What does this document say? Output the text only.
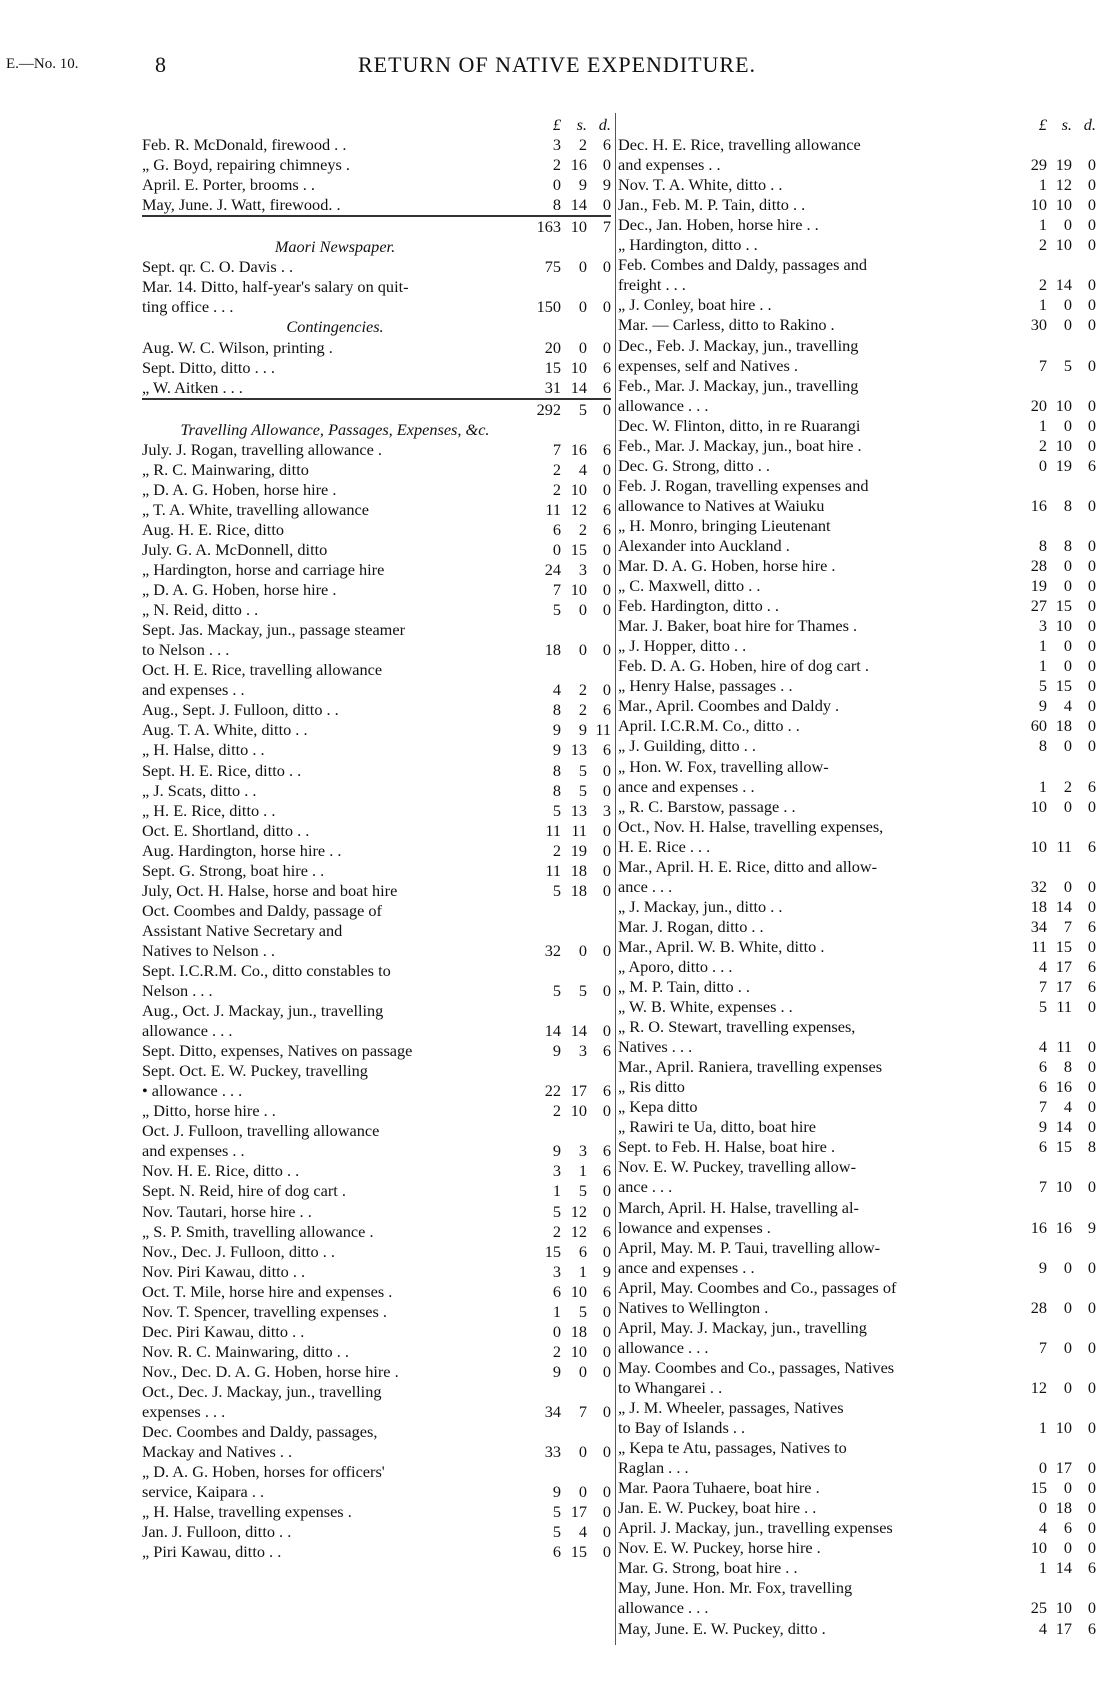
E.—No. 10.	8	RETURN OF NATIVE EXPENDITURE.
£ s. d.
Feb. R. McDonald, firewood . .	3	2 6
„ G. Boyd, repairing chimneys .	2 16 0
April. E. Porter, brooms . .	0	9 9
May, June. J. Watt, firewood. .	8 14 0
163 10 7
Maori Newspaper.
Sept. qr. C. O. Davis . .	75	0 0
Mar. 14. Ditto, half-year's salary on quit-
ting office . . .	150	0 0
Contingencies.
Aug. W. C. Wilson, printing .	20	0 0
Sept. Ditto, ditto . . .	15 10 6
„ W. Aitken . . .	31 14 6
292	5 0
Travelling Allowance, Passages, Expenses, &c.
July. J. Rogan, travelling allowance .	7 16 6
„ R. C. Mainwaring, ditto	2	4 0
„ D. A. G. Hoben, horse hire .	2 10 0
„ T. A. White, travelling allowance	11 12 6
Aug. H. E. Rice, ditto	6	2 6
July. G. A. McDonnell, ditto	0 15 0
„ Hardington, horse and carriage hire	24	3 0
„ D. A. G. Hoben, horse hire .	7 10 0
„ N. Reid, ditto . .	5	0 0
Sept. Jas. Mackay, jun., passage steamer
to Nelson . . .	18	0 0
Oct. H. E. Rice, travelling allowance
and expenses . .	4	2 0
Aug., Sept. J. Fulloon, ditto . .	8	2 6
Aug. T. A. White, ditto . .	9	9 11
„ H. Halse, ditto . .	9 13 6
Sept. H. E. Rice, ditto . .	8	5 0
„ J. Scats, ditto . .	8	5 0
„ H. E. Rice, ditto . .	5 13 3
Oct. E. Shortland, ditto . .	11 11 0
Aug. Hardington, horse hire . .	2 19 0
Sept. G. Strong, boat hire . .	11 18 0
July, Oct. H. Halse, horse and boat hire	5 18 0
Oct. Coombes and Daldy, passage of
Assistant Native Secretary and
Natives to Nelson . .	32	0 0
Sept. I.C.R.M. Co., ditto constables to
Nelson . . .	5	5 0
Aug., Oct. J. Mackay, jun., travelling
allowance . . .	14 14 0
Sept. Ditto, expenses, Natives on passage	9	3 6
Sept. Oct. E. W. Puckey, travelling
• allowance . . .	22 17 6
„ Ditto, horse hire . .	2 10 0
Oct. J. Fulloon, travelling allowance
and expenses . .	9	3 6
Nov. H. E. Rice, ditto . .	3	1 6
Sept. N. Reid, hire of dog cart .	1	5 0
Nov. Tautari, horse hire . .	5 12 0
„ S. P. Smith, travelling allowance .	2 12 6
Nov., Dec. J. Fulloon, ditto . .	15	6 0
Nov. Piri Kawau, ditto . .	3	1 9
Oct. T. Mile, horse hire and expenses .	6 10 6
Nov. T. Spencer, travelling expenses .	1	5 0
Dec. Piri Kawau, ditto . .	0 18 0
Nov. R. C. Mainwaring, ditto . .	2 10 0
Nov., Dec. D. A. G. Hoben, horse hire .	9	0 0
Oct., Dec. J. Mackay, jun., travelling
expenses . . .	34	7 0
Dec. Coombes and Daldy, passages,
Mackay and Natives . .	33	0 0
„ D. A. G. Hoben, horses for officers'
service, Kaipara . .	9	0 0
„ H. Halse, travelling expenses .	5 17 0
Jan. J. Fulloon, ditto . .	5	4 0
„ Piri Kawau, ditto . .	6 15 0
£ s. d.
Dec. H. E. Rice, travelling allowance
and expenses . .	29 19 0
Nov. T. A. White, ditto . .	1 12 0
Jan., Feb. M. P. Tain, ditto . .	10 10 0
Dec., Jan. Hoben, horse hire . .	1	0 0
„ Hardington, ditto . .	2 10 0
Feb. Combes and Daldy, passages and
freight . . .	2 14 0
„ J. Conley, boat hire . .	1	0 0
Mar. — Carless, ditto to Rakino .	30	0 0
Dec., Feb. J. Mackay, jun., travelling
expenses, self and Natives .	7	5 0
Feb., Mar. J. Mackay, jun., travelling
allowance . . .	20 10 0
Dec. W. Flinton, ditto, in re Ruarangi	1	0 0
Feb., Mar. J. Mackay, jun., boat hire .	2 10 0
Dec. G. Strong, ditto . .	0 19 6
Feb. J. Rogan, travelling expenses and
allowance to Natives at Waiuku	16	8 0
„ H. Monro, bringing Lieutenant
Alexander into Auckland .	8	8 0
Mar. D. A. G. Hoben, horse hire .	28	0 0
„ C. Maxwell, ditto . .	19	0 0
Feb. Hardington, ditto . .	27 15 0
Mar. J. Baker, boat hire for Thames .	3 10 0
„ J. Hopper, ditto . .	1	0 0
Feb. D. A. G. Hoben, hire of dog cart .	1	0 0
„ Henry Halse, passages . .	5 15 0
Mar., April. Coombes and Daldy .	9	4 0
April. I.C.R.M. Co., ditto . .	60 18 0
„ J. Guilding, ditto . .	8	0 0
„ Hon. W. Fox, travelling allow-
ance and expenses . .	1	2 6
„ R. C. Barstow, passage . .	10	0 0
Oct., Nov. H. Halse, travelling expenses,
H. E. Rice . . .	10 11 6
Mar., April. H. E. Rice, ditto and allow-
ance . . .	32	0 0
„ J. Mackay, jun., ditto . .	18 14 0
Mar. J. Rogan, ditto . .	34	7 6
Mar., April. W. B. White, ditto .	11 15 0
„ Aporo, ditto . . .	4 17 6
„ M. P. Tain, ditto . .	7 17 6
„ W. B. White, expenses . .	5 11 0
„ R. O. Stewart, travelling expenses,
Natives . . .	4 11 0
Mar., April. Raniera, travelling expenses	6	8 0
„ Ris ditto	6 16 0
„ Kepa ditto	7	4 0
„ Rawiri te Ua, ditto, boat hire	9 14 0
Sept. to Feb. H. Halse, boat hire .	6 15 8
Nov. E. W. Puckey, travelling allow-
ance . . .	7 10 0
March, April. H. Halse, travelling al-
lowance and expenses .	16 16 9
April, May. M. P. Taui, travelling allow-
ance and expenses . .	9	0 0
April, May. Coombes and Co., passages of
Natives to Wellington .	28	0 0
April, May. J. Mackay, jun., travelling
allowance . . .	7	0 0
May. Coombes and Co., passages, Natives
to Whangarei . .	12	0 0
„ J. M. Wheeler, passages, Natives
to Bay of Islands . .	1 10 0
„ Kepa te Atu, passages, Natives to
Raglan . . .	0 17 0
Mar. Paora Tuhaere, boat hire .	15	0 0
Jan. E. W. Puckey, boat hire . .	0 18 0
April. J. Mackay, jun., travelling expenses	4	6 0
Nov. E. W. Puckey, horse hire .	10	0 0
Mar. G. Strong, boat hire . .	1 14 6
May, June. Hon. Mr. Fox, travelling
allowance . . .	25 10 0
May, June. E. W. Puckey, ditto .	4 17 6
